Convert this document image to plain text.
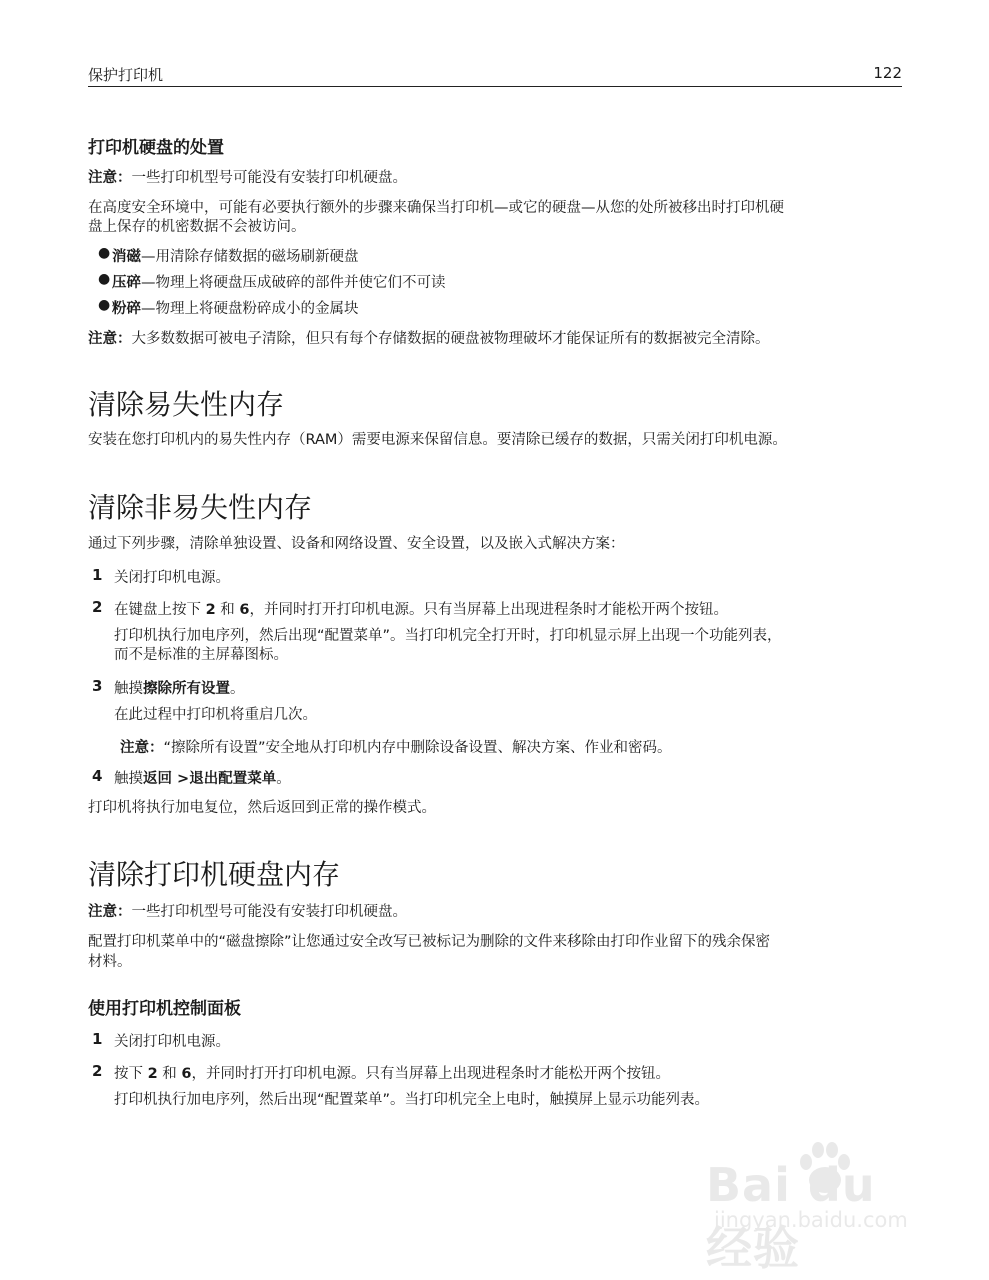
保护打印机	122
打印机硬盘的处置
注意：一些打印机型号可能没有安装打印机硬盘。
在高度安全环境中，可能有必要执行额外的步骤来确保当打印机—或它的硬盘—从您的处所被移出时打印机硬
盘上保存的机密数据不会被访问。
● 消磁—用清除存储数据的磁场刷新硬盘
● 压碎—物理上将硬盘压成破碎的部件并使它们不可读
● 粉碎—物理上将硬盘粉碎成小的金属块
注意：大多数数据可被电子清除，但只有每个存储数据的硬盘被物理破坏才能保证所有的数据被完全清除。
清除易失性内存
安装在您打印机内的易失性内存（RAM）需要电源来保留信息。要清除已缓存的数据，只需关闭打印机电源。
清除非易失性内存
通过下列步骤，清除单独设置、设备和网络设置、安全设置，以及嵌入式解决方案：
1 关闭打印机电源。
2 在键盘上按下 2 和 6，并同时打开打印机电源。只有当屏幕上出现进程条时才能松开两个按钮。
打印机执行加电序列，然后出现“配置菜单”。当打印机完全打开时，打印机显示屏上出现一个功能列表，
而不是标准的主屏幕图标。
3 触摸擦除所有设置。
在此过程中打印机将重启几次。
注意：“擦除所有设置”安全地从打印机内存中删除设备设置、解决方案、作业和密码。
4 触摸返回 >退出配置菜单。
打印机将执行加电复位，然后返回到正常的操作模式。
清除打印机硬盘内存
注意：一些打印机型号可能没有安装打印机硬盘。
配置打印机菜单中的“磁盘擦除”让您通过安全改写已被标记为删除的文件来移除由打印作业留下的残余保密
材料。
使用打印机控制面板
1 关闭打印机电源。
2 按下 2 和 6，并同时打开打印机电源。只有当屏幕上出现进程条时才能松开两个按钮。
打印机执行加电序列，然后出现“配置菜单”。当打印机完全上电时，触摸屏上显示功能列表。
Bai du 经验
jingyan.baidu.com
